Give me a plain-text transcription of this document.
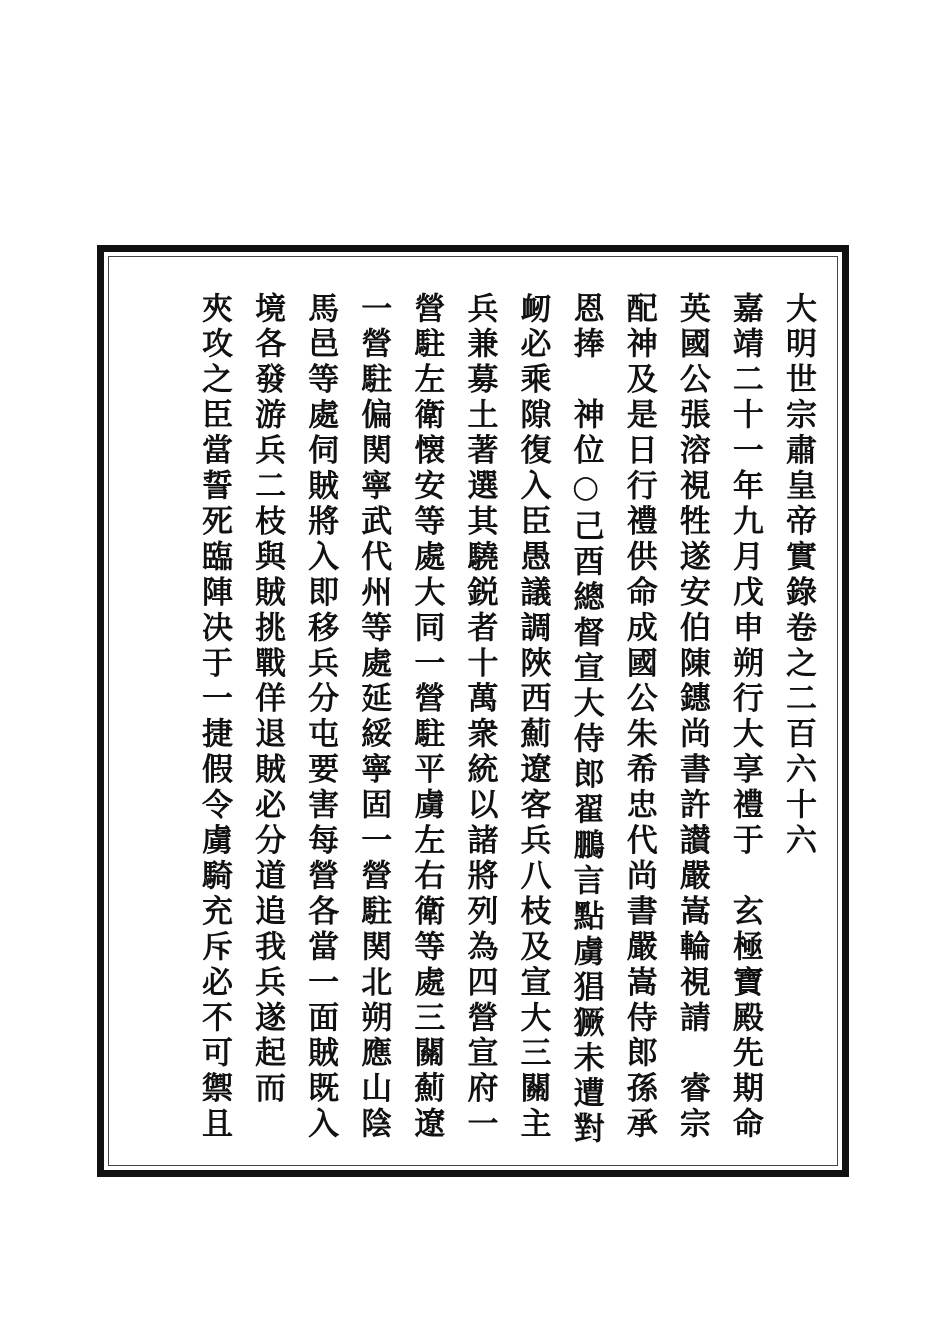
大明世宗肅皇帝實錄卷之二百六十六
嘉靖二十一年九月戊申朔行大享禮于　玄極寶殿先期命
英國公張溶視牲遂安伯陳鏸尚書許讃嚴嵩輪視請　睿宗
配神及是日行禮供命成國公朱希忠代尚書嚴嵩侍郎孫承
恩捧　神位○己酉總督宣大侍郎翟鵬言點虜猖獗未遭對
衂必乘隙復入臣愚議調陜西薊遼客兵八枝及宣大三關主
兵兼募土著選其驍鋭者十萬衆統以諸將列為四營宣府一
營駐左衛懐安等處大同一營駐平虜左右衛等處三關薊遼
一營駐偏関寧武代州等處延綏寧固一營駐関北朔應山陰
馬邑等處伺賊將入即移兵分屯要害每營各當一面賊既入
境各發游兵二枝與賊挑戰佯退賊必分道追我兵遂起而
夾攻之臣當誓死臨陣决于一捷假令虜騎充斥必不可禦且
